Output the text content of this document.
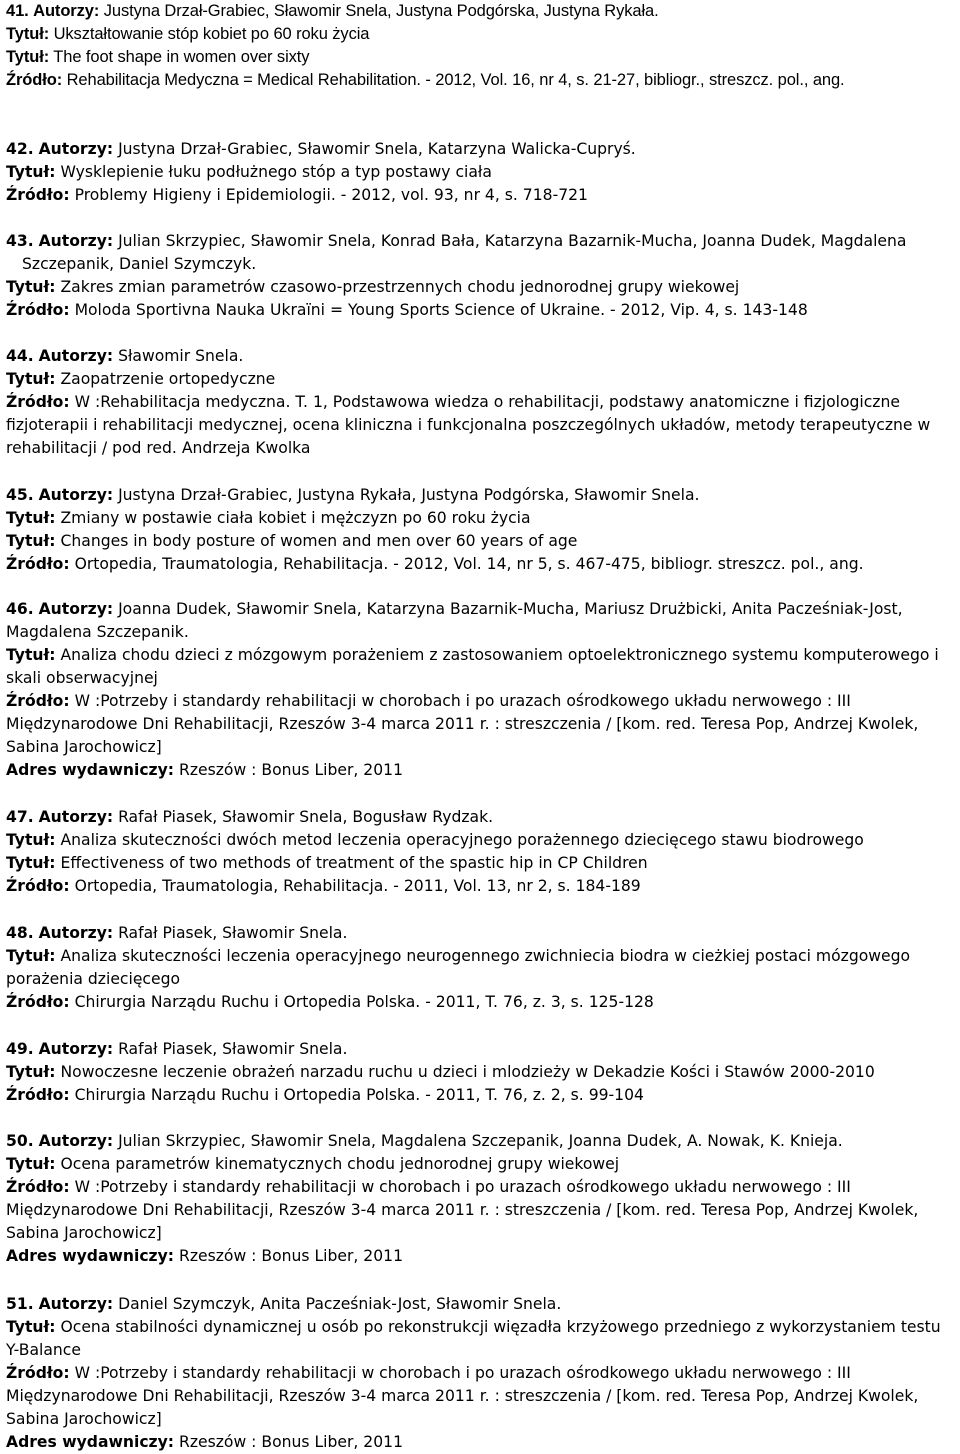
41. Autorzy: Justyna Drzał-Grabiec, Sławomir Snela, Justyna Podgórska, Justyna Rykała.
Tytuł: Ukształtowanie stóp kobiet po 60 roku życia
Tytuł: The foot shape in women over sixty
Źródło: Rehabilitacja Medyczna = Medical Rehabilitation. - 2012, Vol. 16, nr 4, s. 21-27, bibliogr., streszcz. pol., ang.
42. Autorzy: Justyna Drzał-Grabiec, Sławomir Snela, Katarzyna Walicka-Cupryś.
Tytuł: Wysklepienie łuku podłużnego stóp a typ postawy ciała
Źródło: Problemy Higieny i Epidemiologii. - 2012, vol. 93, nr 4, s. 718-721
43. Autorzy: Julian Skrzypiec, Sławomir Snela, Konrad Bała, Katarzyna Bazarnik-Mucha, Joanna Dudek, Magdalena Szczepanik, Daniel Szymczyk.
Tytuł: Zakres zmian parametrów czasowo-przestrzennych chodu jednorodnej grupy wiekowej
Źródło: Moloda Sportivna Nauka Ukraïni = Young Sports Science of Ukraine. - 2012, Vip. 4, s. 143-148
44. Autorzy: Sławomir Snela.
Tytuł: Zaopatrzenie ortopedyczne
Źródło: W :Rehabilitacja medyczna. T. 1, Podstawowa wiedza o rehabilitacji, podstawy anatomiczne i fizjologiczne fizjoterapii i rehabilitacji medycznej, ocena kliniczna i funkcjonalna poszczególnych układów, metody terapeutyczne w rehabilitacji / pod red. Andrzeja Kwolka
45. Autorzy: Justyna Drzał-Grabiec, Justyna Rykała, Justyna Podgórska, Sławomir Snela.
Tytuł: Zmiany w postawie ciała kobiet i mężczyzn po 60 roku życia
Tytuł: Changes in body posture of women and men over 60 years of age
Źródło: Ortopedia, Traumatologia, Rehabilitacja. - 2012, Vol. 14, nr 5, s. 467-475, bibliogr. streszcz. pol., ang.
46. Autorzy: Joanna Dudek, Sławomir Snela, Katarzyna Bazarnik-Mucha, Mariusz Drużbicki, Anita Pacześniak-Jost, Magdalena Szczepanik.
Tytuł: Analiza chodu dzieci z mózgowym porażeniem z zastosowaniem optoelektronicznego systemu komputerowego i skali obserwacyjnej
Źródło: W :Potrzeby i standardy rehabilitacji w chorobach i po urazach ośrodkowego układu nerwowego : III Międzynarodowe Dni Rehabilitacji, Rzeszów 3-4 marca 2011 r. : streszczenia / [kom. red. Teresa Pop, Andrzej Kwolek, Sabina Jarochowicz]
Adres wydawniczy: Rzeszów : Bonus Liber, 2011
47. Autorzy: Rafał Piasek, Sławomir Snela, Bogusław Rydzak.
Tytuł: Analiza skuteczności dwóch metod leczenia operacyjnego porażennego dziecięcego stawu biodrowego
Tytuł: Effectiveness of two methods of treatment of the spastic hip in CP Children
Źródło: Ortopedia, Traumatologia, Rehabilitacja. - 2011, Vol. 13, nr 2, s. 184-189
48. Autorzy: Rafał Piasek, Sławomir Snela.
Tytuł: Analiza skuteczności leczenia operacyjnego neurogennego zwichniecia biodra w cieżkiej postaci mózgowego porażenia dziecięcego
Źródło: Chirurgia Narządu Ruchu i Ortopedia Polska. - 2011, T. 76, z. 3, s. 125-128
49. Autorzy: Rafał Piasek, Sławomir Snela.
Tytuł: Nowoczesne leczenie obrażeń narzadu ruchu u dzieci i mlodzieży w Dekadzie Kości i Stawów 2000-2010
Źródło: Chirurgia Narządu Ruchu i Ortopedia Polska. - 2011, T. 76, z. 2, s. 99-104
50. Autorzy: Julian Skrzypiec, Sławomir Snela, Magdalena Szczepanik, Joanna Dudek, A. Nowak, K. Knieja.
Tytuł: Ocena parametrów kinematycznych chodu jednorodnej grupy wiekowej
Źródło: W :Potrzeby i standardy rehabilitacji w chorobach i po urazach ośrodkowego układu nerwowego : III Międzynarodowe Dni Rehabilitacji, Rzeszów 3-4 marca 2011 r. : streszczenia / [kom. red. Teresa Pop, Andrzej Kwolek, Sabina Jarochowicz]
Adres wydawniczy: Rzeszów : Bonus Liber, 2011
51. Autorzy: Daniel Szymczyk, Anita Pacześniak-Jost, Sławomir Snela.
Tytuł: Ocena stabilności dynamicznej u osób po rekonstrukcji więzadła krzyżowego przedniego z wykorzystaniem testu Y-Balance
Źródło: W :Potrzeby i standardy rehabilitacji w chorobach i po urazach ośrodkowego układu nerwowego : III Międzynarodowe Dni Rehabilitacji, Rzeszów 3-4 marca 2011 r. : streszczenia / [kom. red. Teresa Pop, Andrzej Kwolek, Sabina Jarochowicz]
Adres wydawniczy: Rzeszów : Bonus Liber, 2011
